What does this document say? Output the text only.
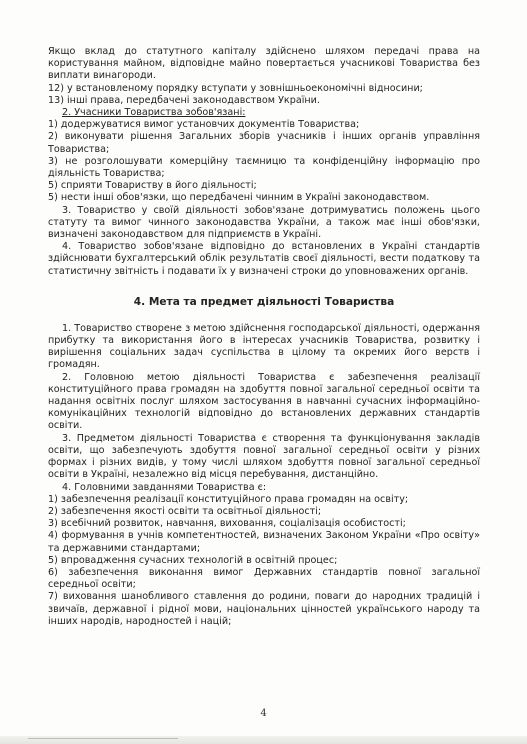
Якщо вклад до статутного капіталу здійснено шляхом передачі права на користування майном, відповідне майно повертається учасникові Товариства без виплати винагороди.

12) у встановленому порядку вступати у зовнішньоекономічні відносини;

13) інші права, передбачені законодавством України.

2. Учасники Товариства зобов'язані:

1) додержуватися вимог установчих документів Товариства;

2) виконувати рішення Загальних зборів учасників і інших органів управління Товариства;

3) не розголошувати комерційну таємницю та конфіденційну інформацію про діяльність Товариства;

5) сприяти Товариству в його діяльності;

5) нести інші обов'язки, що передбачені чинним в Україні законодавством.

3. Товариство у своїй діяльності зобов'язане дотримуватись положень цього статуту та вимог чинного законодавства України, а також має інші обов'язки, визначені законодавством для підприємств в Україні.

4. Товариство зобов'язане відповідно до встановлених в Україні стандартів здійснювати бухгалтерський облік результатів своєї діяльності, вести податкову та статистичну звітність і подавати їх у визначені строки до уповноважених органів.

4. Мета та предмет діяльності Товариства

1. Товариство створене з метою здійснення господарської діяльності, одержання прибутку та використання його в інтересах учасників Товариства, розвитку і вирішення соціальних задач суспільства в цілому та окремих його верств і громадян.

2. Головною метою діяльності Товариства є забезпечення реалізації конституційного права громадян на здобуття повної загальної середньої освіти та надання освітніх послуг шляхом застосування в навчанні сучасних інформаційно-комунікаційних технологій відповідно до встановлених державних стандартів освіти.

3. Предметом діяльності Товариства є створення та функціонування закладів освіти, що забезпечують здобуття повної загальної середньої освіти у різних формах і різних видів, у тому числі шляхом здобуття повної загальної середньої освіти в Україні, незалежно від місця перебування, дистанційно.

4. Головними завданнями Товариства є:

1) забезпечення реалізації конституційного права громадян на освіту;

2) забезпечення якості освіти та освітньої діяльності;

3) всебічний розвиток, навчання, виховання, соціалізація особистості;

4) формування в учнів компетентностей, визначених Законом України «Про освіту» та державними стандартами;

5) впровадження сучасних технологій в освітній процес;

6) забезпечення виконання вимог Державних стандартів повної загальної середньої освіти;

7) виховання шанобливого ставлення до родини, поваги до народних традицій і звичаїв, державної і рідної мови, національних цінностей українського народу та інших народів, народностей і націй;

4
